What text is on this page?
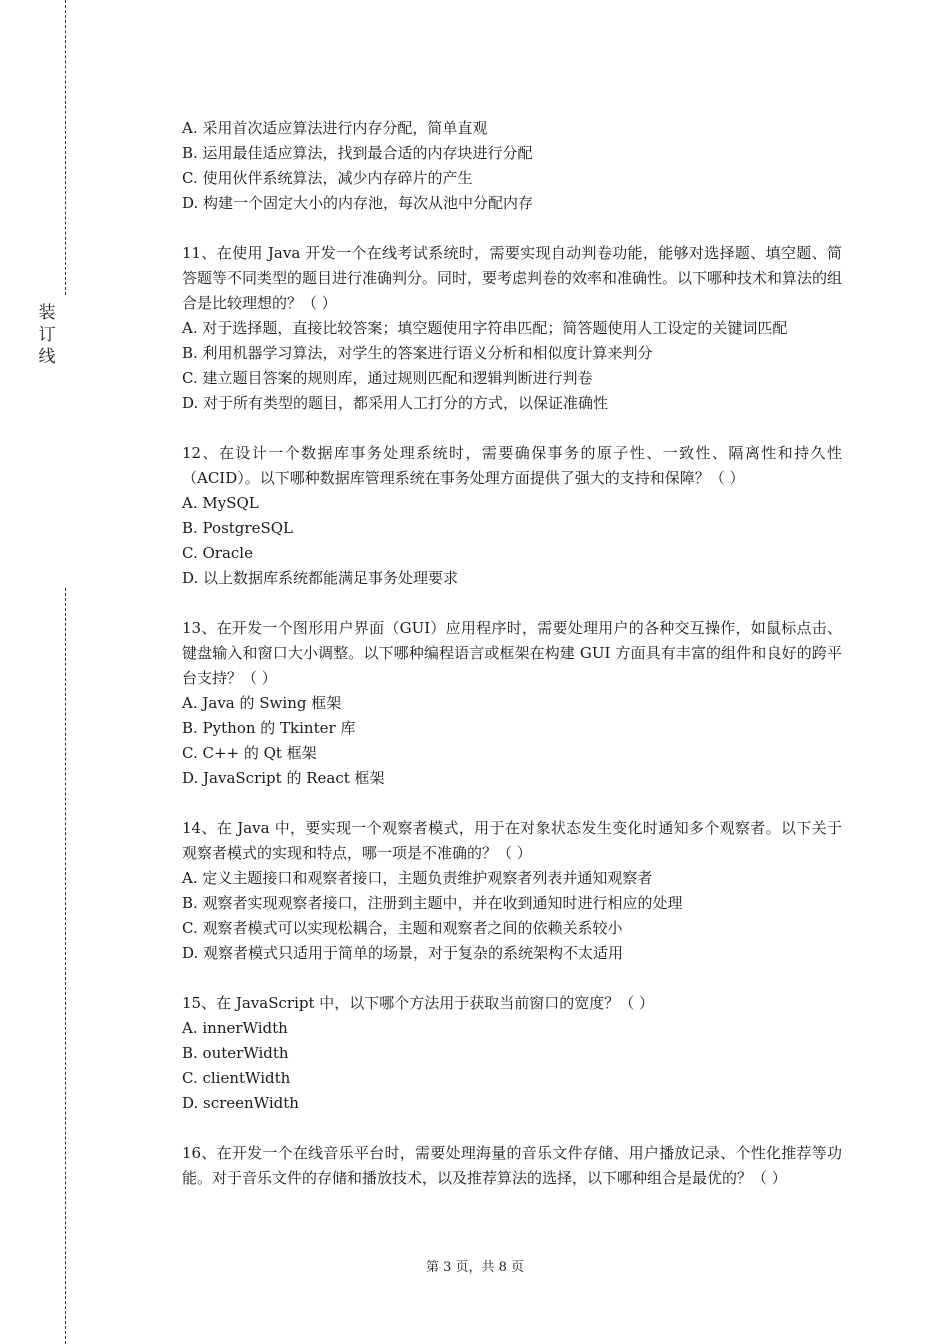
装
订
线

A. 采用首次适应算法进行内存分配，简单直观

B. 运用最佳适应算法，找到最合适的内存块进行分配

C. 使用伙伴系统算法，减少内存碎片的产生

D. 构建一个固定大小的内存池，每次从池中分配内存

11、在使用 Java 开发一个在线考试系统时，需要实现自动判卷功能，能够对选择题、填空题、简答题等不同类型的题目进行准确判分。同时，要考虑判卷的效率和准确性。以下哪种技术和算法的组合是比较理想的？（ ）

A. 对于选择题，直接比较答案；填空题使用字符串匹配；简答题使用人工设定的关键词匹配

B. 利用机器学习算法，对学生的答案进行语义分析和相似度计算来判分

C. 建立题目答案的规则库，通过规则匹配和逻辑判断进行判卷

D. 对于所有类型的题目，都采用人工打分的方式，以保证准确性

12、在设计一个数据库事务处理系统时，需要确保事务的原子性、一致性、隔离性和持久性（ACID）。以下哪种数据库管理系统在事务处理方面提供了强大的支持和保障？（ ）

A. MySQL

B. PostgreSQL

C. Oracle

D. 以上数据库系统都能满足事务处理要求

13、在开发一个图形用户界面（GUI）应用程序时，需要处理用户的各种交互操作，如鼠标点击、键盘输入和窗口大小调整。以下哪种编程语言或框架在构建 GUI 方面具有丰富的组件和良好的跨平台支持？（ ）

A. Java 的 Swing 框架

B. Python 的 Tkinter 库

C. C++ 的 Qt 框架

D. JavaScript 的 React 框架

14、在 Java 中，要实现一个观察者模式，用于在对象状态发生变化时通知多个观察者。以下关于观察者模式的实现和特点，哪一项是不准确的？（ ）

A. 定义主题接口和观察者接口，主题负责维护观察者列表并通知观察者

B. 观察者实现观察者接口，注册到主题中，并在收到通知时进行相应的处理

C. 观察者模式可以实现松耦合，主题和观察者之间的依赖关系较小

D. 观察者模式只适用于简单的场景，对于复杂的系统架构不太适用

15、在 JavaScript 中，以下哪个方法用于获取当前窗口的宽度？（ ）

A. innerWidth

B. outerWidth

C. clientWidth

D. screenWidth

16、在开发一个在线音乐平台时，需要处理海量的音乐文件存储、用户播放记录、个性化推荐等功能。对于音乐文件的存储和播放技术，以及推荐算法的选择，以下哪种组合是最优的？（ ）

第 3 页，共 8 页
